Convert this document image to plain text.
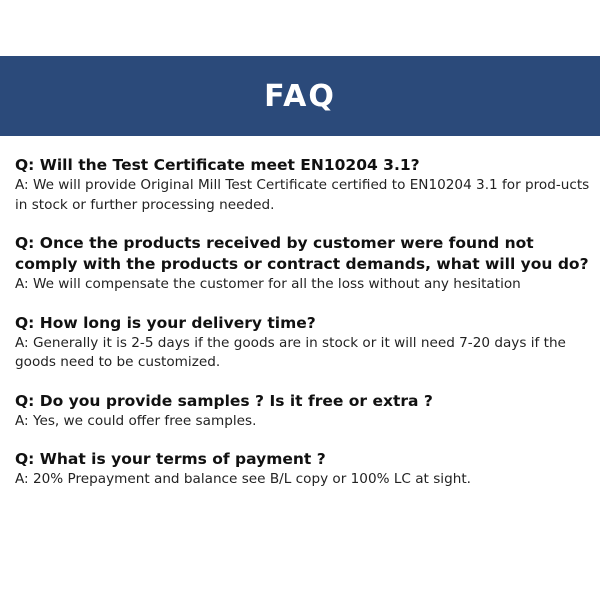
FAQ

Q: Will the Test Certificate meet EN10204 3.1?

A: We will provide Original Mill Test Certificate certified to EN10204 3.1 for prod-ucts in stock or further processing needed.

Q: Once the products received by customer were found not comply with the products or contract demands, what will you do?

A: We will compensate the customer for all the loss without any hesitation

Q: How long is your delivery time?

A: Generally it is 2-5 days if the goods are in stock or it will need 7-20 days if the goods need to be customized.

Q: Do you provide samples ? Is it free or extra ?

A: Yes, we could offer free samples.

Q: What is your terms of payment ?

A: 20% Prepayment and balance see B/L copy or 100% LC at sight.
